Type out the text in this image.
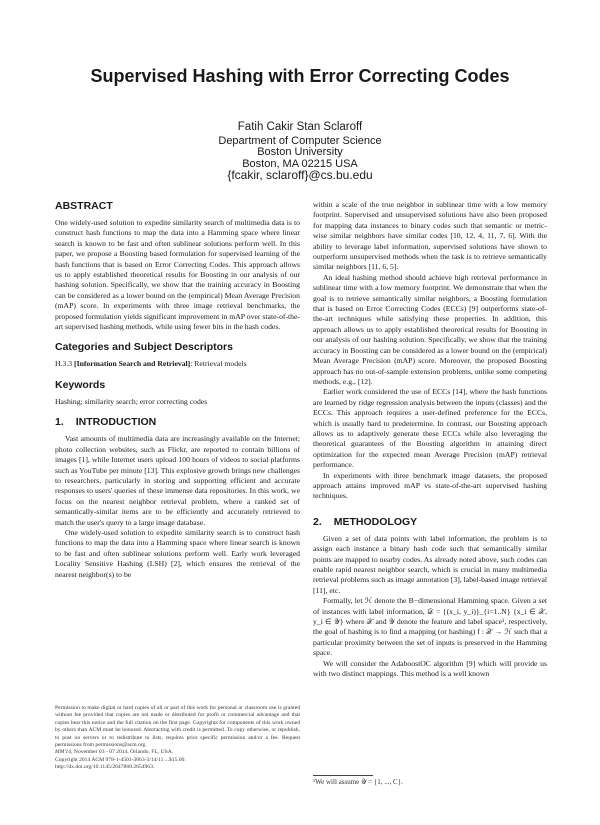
Supervised Hashing with Error Correcting Codes
Fatih Cakir Stan Sclaroff
Department of Computer Science
Boston University
Boston, MA 02215 USA
{fcakir, sclaroff}@cs.bu.edu
ABSTRACT

One widely-used solution to expedite similarity search of multimedia data is to construct hash functions to map the data into a Hamming space where linear search is known to be fast and often sublinear solutions perform well. In this paper, we propose a Boosting based formulation for supervised learning of the hash functions that is based on Error Correcting Codes. This approach allows us to apply established theoretical results for Boosting in our analysis of our hashing solution. Specifically, we show that the training accuracy in Boosting can be considered as a lower bound on the (empirical) Mean Average Precision (mAP) score. In experiments with three image retrieval benchmarks, the proposed formulation yields significant improvement in mAP over state-of-the-art supervised hashing methods, while using fewer bits in the hash codes.

Categories and Subject Descriptors

H.3.3 [Information Search and Retrieval]: Retrieval models

Keywords

Hashing; similarity search; error correcting codes

1. INTRODUCTION

Vast amounts of multimedia data are increasingly available on the Internet; photo collection websites, such as Flickr, are reported to contain billions of images [1], while Internet users upload 100 hours of videos to social platforms such as YouTube per minute [13]. This explosive growth brings new challenges to researchers, particularly in storing and supporting efficient and accurate responses to users' queries of these immense data repositories. In this work, we focus on the nearest neighbor retrieval problem, where a ranked set of semantically-similar items are to be efficiently and accurately retrieved to match the user's query to a large image database.

One widely-used solution to expedite similarity search is to construct hash functions to map the data into a Hamming space where linear search is known to be fast and often sublinear solutions perform well. Early work leveraged Locality Sensitive Hashing (LSH) [2], which ensures the retrieval of the nearest neighbor(s) to be

Permission to make digital or hard copies of all or part of this work for personal or classroom use is granted without fee provided that copies are not made or distributed for profit or commercial advantage and that copies bear this notice and the full citation on the first page. Copyrights for components of this work owned by others than ACM must be honored. Abstracting with credit is permitted. To copy otherwise, or republish, to post on servers or to redistribute to lists, requires prior specific permission and/or a fee. Request permissions from permissions@acm.org.
MM'14, November 03 - 07 2014, Orlando, FL, USA.
Copyright 2014 ACM 978-1-4503-3063-3/14/11 ...$15.00.
http://dx.doi.org/10.1145/2647868.2654963.

within a scale of the true neighbor in sublinear time with a low memory footprint. Supervised and unsupervised solutions have also been proposed for mapping data instances to binary codes such that semantic or metric-wise similar neighbors have similar codes [10, 12, 4, 11, 7, 6]. With the ability to leverage label information, supervised solutions have shown to outperform unsupervised methods when the task is to retrieve semantically similar neighbors [11, 6, 5].

An ideal hashing method should achieve high retrieval performance in sublinear time with a low memory footprint. We demonstrate that when the goal is to retrieve semantically similar neighbors, a Boosting formulation that is based on Error Correcting Codes (ECCs) [9] outperforms state-of-the-art techniques while satisfying these properties. In addition, this approach allows us to apply established theoretical results for Boosting in our analysis of our hashing solution. Specifically, we show that the training accuracy in Boosting can be considered as a lower bound on the (empirical) Mean Average Precision (mAP) score. Moreover, the proposed Boosting approach has no out-of-sample extension problems, unlike some competing methods, e.g., [12].

Earlier work considered the use of ECCs [14], where the hash functions are learned by ridge regression analysis between the inputs (classes) and the ECCs. This approach requires a user-defined preference for the ECCs, which is usually hard to predetermine. In contrast, our Boosting approach allows us to adaptively generate these ECCs while also leveraging the theoretical guarantees of the Boosting algorithm in attaining direct optimization for the expected mean Average Precision (mAP) retrieval performance.

In experiments with three benchmark image datasets, the proposed approach attains improved mAP vs state-of-the-art supervised hashing techniques.

2. METHODOLOGY

Given a set of data points with label information, the problem is to assign each instance a binary hash code such that semantically similar points are mapped to nearby codes. As already noted above, such codes can enable rapid nearest neighbor search, which is crucial in many multimedia retrieval problems such as image annotation [3], label-based image retrieval [11], etc.

Formally, let ℋ denote the B−dimensional Hamming space. Given a set of instances with label information, 𝒟 = {(x_i, y_i)}_{i=1..N} {x_i ∈ 𝒳, y_i ∈ 𝒴} where 𝒳 and 𝒴 denote the feature and label space¹, respectively, the goal of hashing is to find a mapping (or hashing) f : 𝒳 → ℋ such that a particular proximity between the set of inputs is preserved in the Hamming space.

We will consider the AdaboostOC algorithm [9] which will provide us with two distinct mappings. This method is a well known

¹We will assume 𝒴 = {1, ..., C}.
